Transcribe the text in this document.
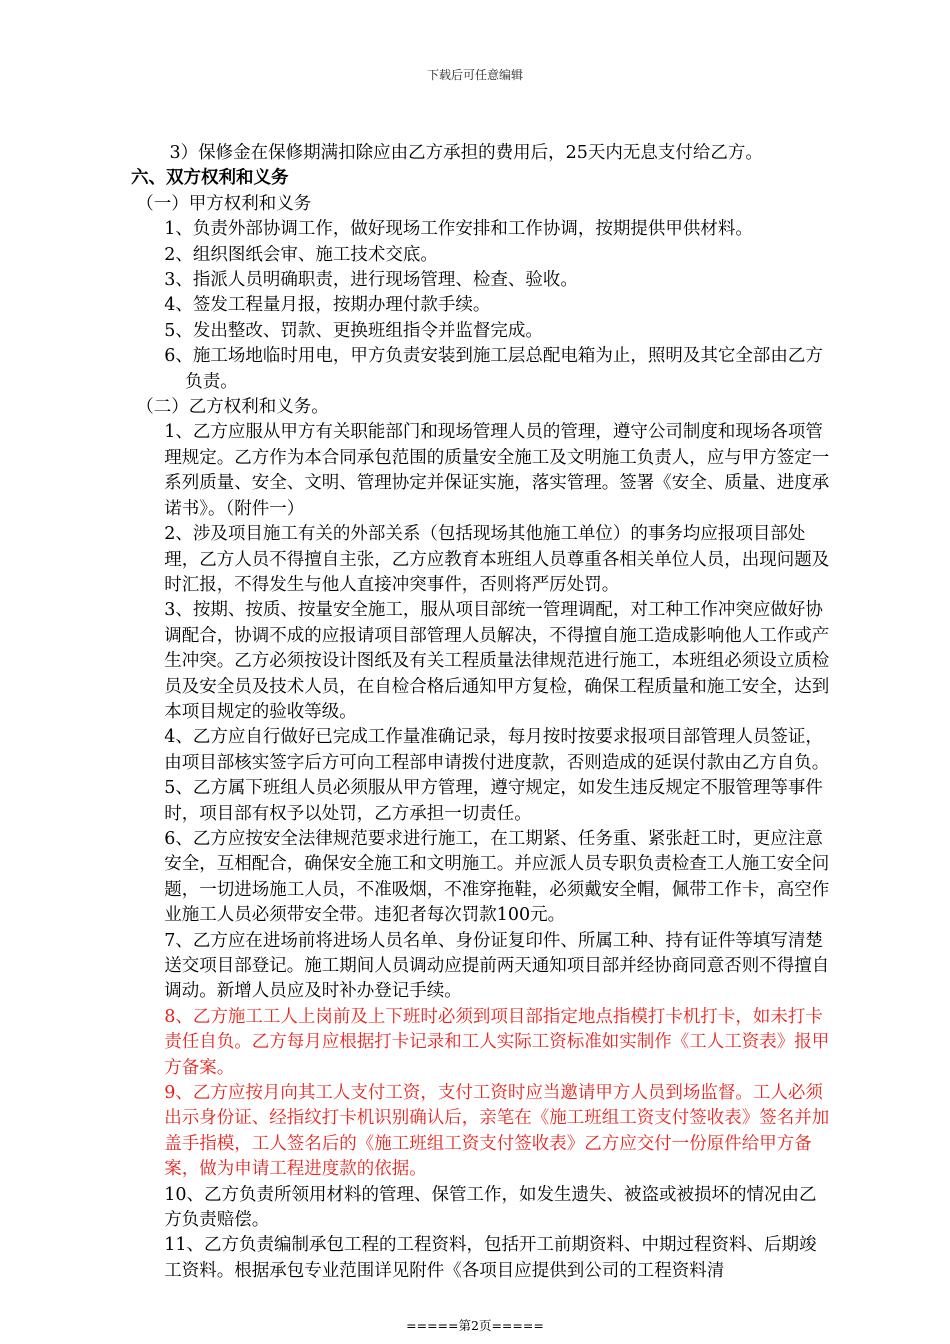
下载后可任意编辑

3）保修金在保修期满扣除应由乙方承担的费用后，25天内无息支付给乙方。

六、双方权利和义务

（一）甲方权利和义务

1、负责外部协调工作，做好现场工作安排和工作协调，按期提供甲供材料。

2、组织图纸会审、施工技术交底。

3、指派人员明确职责，进行现场管理、检查、验收。

4、签发工程量月报，按期办理付款手续。

5、发出整改、罚款、更换班组指令并监督完成。

6、施工场地临时用电，甲方负责安装到施工层总配电箱为止，照明及其它全部由乙方负责。

（二）乙方权利和义务。

1、乙方应服从甲方有关职能部门和现场管理人员的管理，遵守公司制度和现场各项管理规定。乙方作为本合同承包范围的质量安全施工及文明施工负责人，应与甲方签定一系列质量、安全、文明、管理协定并保证实施，落实管理。签署《安全、质量、进度承诺书》。（附件一）

2、涉及项目施工有关的外部关系（包括现场其他施工单位）的事务均应报项目部处理，乙方人员不得擅自主张，乙方应教育本班组人员尊重各相关单位人员，出现问题及时汇报，不得发生与他人直接冲突事件，否则将严厉处罚。

3、按期、按质、按量安全施工，服从项目部统一管理调配，对工种工作冲突应做好协调配合，协调不成的应报请项目部管理人员解决，不得擅自施工造成影响他人工作或产生冲突。乙方必须按设计图纸及有关工程质量法律规范进行施工，本班组必须设立质检员及安全员及技术人员，在自检合格后通知甲方复检，确保工程质量和施工安全，达到本项目规定的验收等级。

4、乙方应自行做好已完成工作量准确记录，每月按时按要求报项目部管理人员签证，由项目部核实签字后方可向工程部申请拨付进度款，否则造成的延误付款由乙方自负。

5、乙方属下班组人员必须服从甲方管理，遵守规定，如发生违反规定不服管理等事件时，项目部有权予以处罚，乙方承担一切责任。

6、乙方应按安全法律规范要求进行施工，在工期紧、任务重、紧张赶工时，更应注意安全，互相配合，确保安全施工和文明施工。并应派人员专职负责检查工人施工安全问题，一切进场施工人员，不准吸烟，不准穿拖鞋，必须戴安全帽，佩带工作卡，高空作业施工人员必须带安全带。违犯者每次罚款100元。

7、乙方应在进场前将进场人员名单、身份证复印件、所属工种、持有证件等填写清楚送交项目部登记。施工期间人员调动应提前两天通知项目部并经协商同意否则不得擅自调动。新增人员应及时补办登记手续。

8、乙方施工工人上岗前及上下班时必须到项目部指定地点指模打卡机打卡，如未打卡责任自负。乙方每月应根据打卡记录和工人实际工资标准如实制作《工人工资表》报甲方备案。

9、乙方应按月向其工人支付工资，支付工资时应当邀请甲方人员到场监督。工人必须出示身份证、经指纹打卡机识别确认后，亲笔在《施工班组工资支付签收表》签名并加盖手指模，工人签名后的《施工班组工资支付签收表》乙方应交付一份原件给甲方备案，做为申请工程进度款的依据。

10、乙方负责所领用材料的管理、保管工作，如发生遗失、被盗或被损坏的情况由乙方负责赔偿。

11、乙方负责编制承包工程的工程资料，包括开工前期资料、中期过程资料、后期竣工资料。根据承包专业范围详见附件《各项目应提供到公司的工程资料清

=====第2页=====
